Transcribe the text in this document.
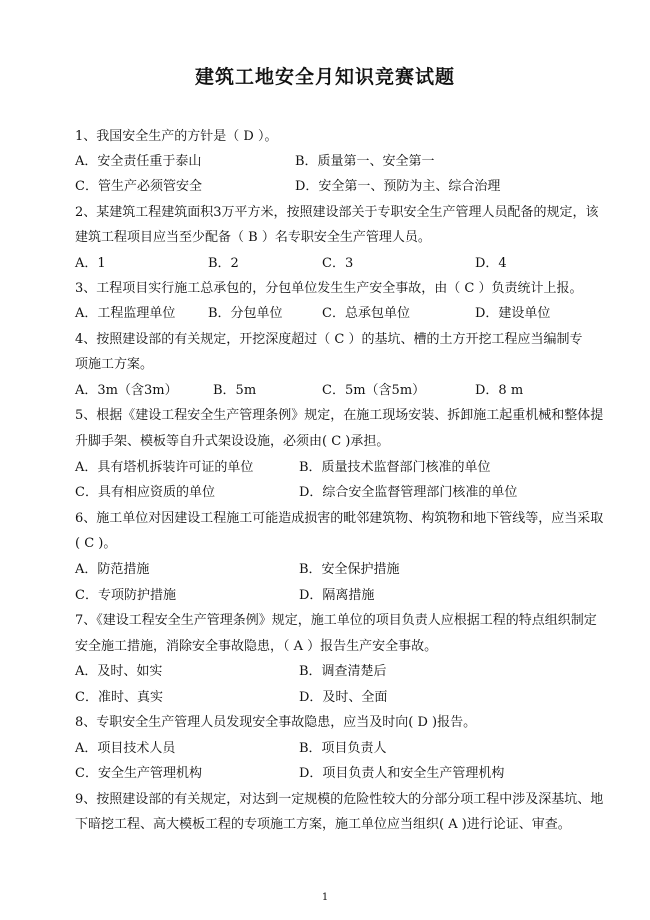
建筑工地安全月知识竞赛试题
1、我国安全生产的方针是（ D ）。
A．安全责任重于泰山	B．质量第一、安全第一
C．管生产必须管安全	D．安全第一、预防为主、综合治理
2、某建筑工程建筑面积3万平方米，按照建设部关于专职安全生产管理人员配备的规定，该
建筑工程项目应当至少配备（ B ）名专职安全生产管理人员。
A．1	B．2	C．3	D．4
3、工程项目实行施工总承包的，分包单位发生生产安全事故，由（ C ）负责统计上报。
A．工程监理单位	B．分包单位	C．总承包单位	D．建设单位
4、按照建设部的有关规定，开挖深度超过（ C ）的基坑、槽的土方开挖工程应当编制专
项施工方案。
A．3m（含3m）	B．5m	C．5m（含5m）	D．8 m
5、根据《建设工程安全生产管理条例》规定，在施工现场安装、拆卸施工起重机械和整体提
升脚手架、模板等自升式架设设施，必须由( C )承担。
A．具有塔机拆装许可证的单位	B．质量技术监督部门核准的单位
C．具有相应资质的单位	D．综合安全监督管理部门核准的单位
6、施工单位对因建设工程施工可能造成损害的毗邻建筑物、构筑物和地下管线等，应当采取
( C )。
A．防范措施	B．安全保护措施
C．专项防护措施	D．隔离措施
7、《建设工程安全生产管理条例》规定，施工单位的项目负责人应根据工程的特点组织制定
安全施工措施，消除安全事故隐患，（ A ）报告生产安全事故。
A．及时、如实	B．调查清楚后
C．准时、真实	D．及时、全面
8、专职安全生产管理人员发现安全事故隐患，应当及时向( D )报告。
A．项目技术人员	B．项目负责人
C．安全生产管理机构	D．项目负责人和安全生产管理机构
9、按照建设部的有关规定，对达到一定规模的危险性较大的分部分项工程中涉及深基坑、地
下暗挖工程、高大模板工程的专项施工方案，施工单位应当组织( A )进行论证、审查。
1
